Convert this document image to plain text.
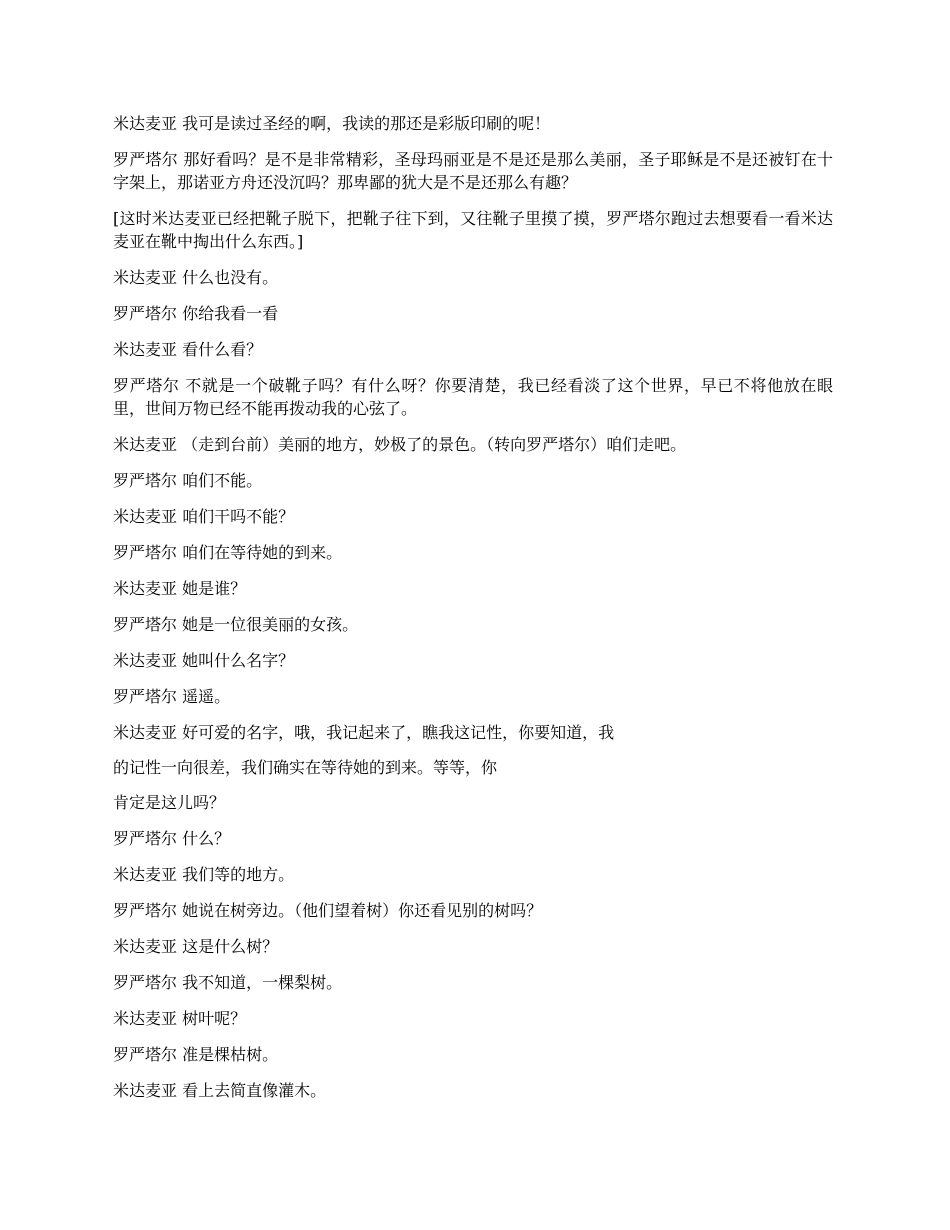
米达麦亚 我可是读过圣经的啊，我读的那还是彩版印刷的呢！

罗严塔尔 那好看吗？是不是非常精彩，圣母玛丽亚是不是还是那么美丽，圣子耶稣是不是还被钉在十字架上，那诺亚方舟还没沉吗？那卑鄙的犹大是不是还那么有趣？

[这时米达麦亚已经把靴子脱下，把靴子往下到，又往靴子里摸了摸，罗严塔尔跑过去想要看一看米达麦亚在靴中掏出什么东西。]

米达麦亚 什么也没有。

罗严塔尔 你给我看一看

米达麦亚 看什么看？

罗严塔尔 不就是一个破靴子吗？有什么呀？你要清楚，我已经看淡了这个世界，早已不将他放在眼里，世间万物已经不能再拨动我的心弦了。

米达麦亚 （走到台前）美丽的地方，妙极了的景色。（转向罗严塔尔）咱们走吧。

罗严塔尔 咱们不能。

米达麦亚 咱们干吗不能？

罗严塔尔 咱们在等待她的到来。

米达麦亚 她是谁？

罗严塔尔 她是一位很美丽的女孩。

米达麦亚 她叫什么名字？

罗严塔尔 遥遥。

米达麦亚 好可爱的名字，哦，我记起来了，瞧我这记性，你要知道，我

的记性一向很差，我们确实在等待她的到来。等等，你

肯定是这儿吗？

罗严塔尔 什么？

米达麦亚 我们等的地方。

罗严塔尔 她说在树旁边。（他们望着树）你还看见别的树吗？

米达麦亚 这是什么树？

罗严塔尔 我不知道，一棵梨树。

米达麦亚 树叶呢？

罗严塔尔 准是棵枯树。

米达麦亚 看上去简直像灌木。
